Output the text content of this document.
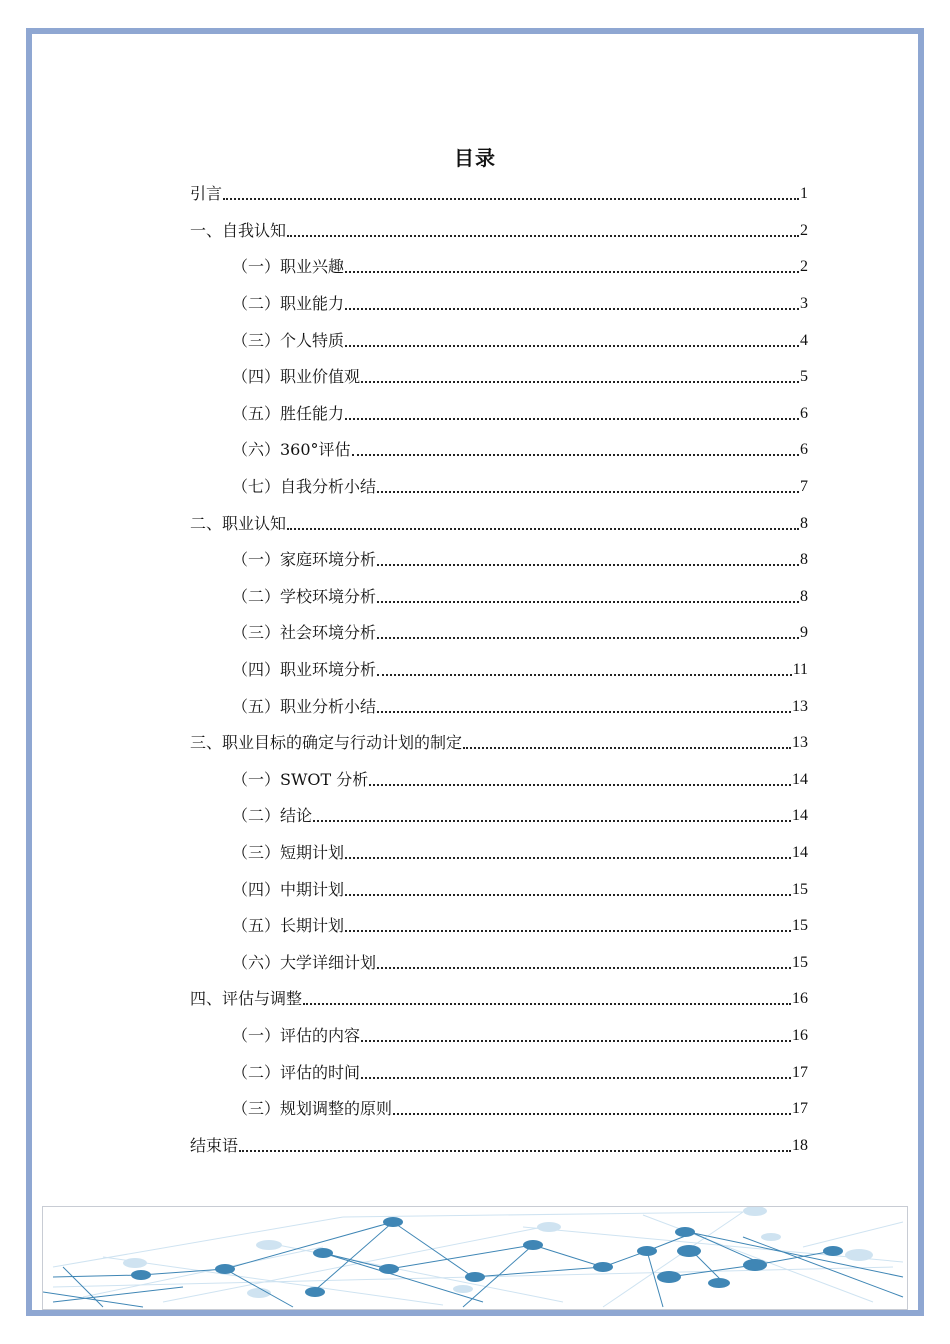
目录
引言	1
一、自我认知	2
（一）职业兴趣	2
（二）职业能力	3
（三）个人特质	4
（四）职业价值观	5
（五）胜任能力	6
（六）360°评估	6
（七）自我分析小结	7
二、职业认知	8
（一）家庭环境分析	8
（二）学校环境分析	8
（三）社会环境分析	9
（四）职业环境分析	11
（五）职业分析小结	13
三、职业目标的确定与行动计划的制定	13
（一）SWOT 分析	14
（二）结论	14
（三）短期计划	14
（四）中期计划	15
（五）长期计划	15
（六）大学详细计划	15
四、评估与调整	16
（一）评估的内容	16
（二）评估的时间	17
（三）规划调整的原则	17
结束语	18
